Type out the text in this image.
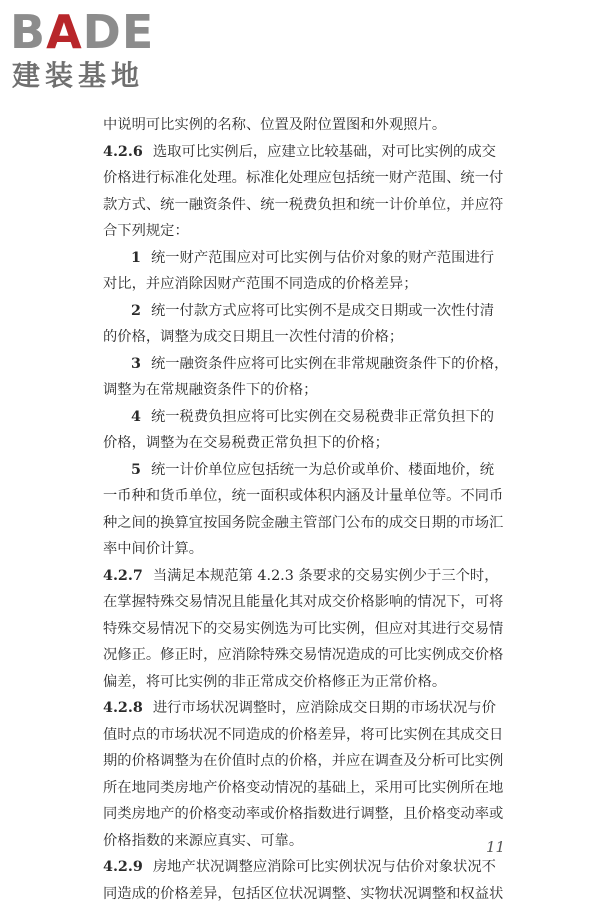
BADE
建装基地
中说明可比实例的名称、位置及附位置图和外观照片。
4.2.6 选取可比实例后，应建立比较基础，对可比实例的成交
价格进行标准化处理。标准化处理应包括统一财产范围、统一付
款方式、统一融资条件、统一税费负担和统一计价单位，并应符
合下列规定：
1 统一财产范围应对可比实例与估价对象的财产范围进行
对比，并应消除因财产范围不同造成的价格差异；
2 统一付款方式应将可比实例不是成交日期或一次性付清
的价格，调整为成交日期且一次性付清的价格；
3 统一融资条件应将可比实例在非常规融资条件下的价格，
调整为在常规融资条件下的价格；
4 统一税费负担应将可比实例在交易税费非正常负担下的
价格，调整为在交易税费正常负担下的价格；
5 统一计价单位应包括统一为总价或单价、楼面地价，统
一币种和货币单位，统一面积或体积内涵及计量单位等。不同币
种之间的换算宜按国务院金融主管部门公布的成交日期的市场汇
率中间价计算。
4.2.7 当满足本规范第 4.2.3 条要求的交易实例少于三个时，
在掌握特殊交易情况且能量化其对成交价格影响的情况下，可将
特殊交易情况下的交易实例选为可比实例，但应对其进行交易情
况修正。修正时，应消除特殊交易情况造成的可比实例成交价格
偏差，将可比实例的非正常成交价格修正为正常价格。
4.2.8 进行市场状况调整时，应消除成交日期的市场状况与价
值时点的市场状况不同造成的价格差异，将可比实例在其成交日
期的价格调整为在价值时点的价格，并应在调查及分析可比实例
所在地同类房地产价格变动情况的基础上，采用可比实例所在地
同类房地产的价格变动率或价格指数进行调整，且价格变动率或
价格指数的来源应真实、可靠。
4.2.9 房地产状况调整应消除可比实例状况与估价对象状况不
同造成的价格差异，包括区位状况调整、实物状况调整和权益状
11
